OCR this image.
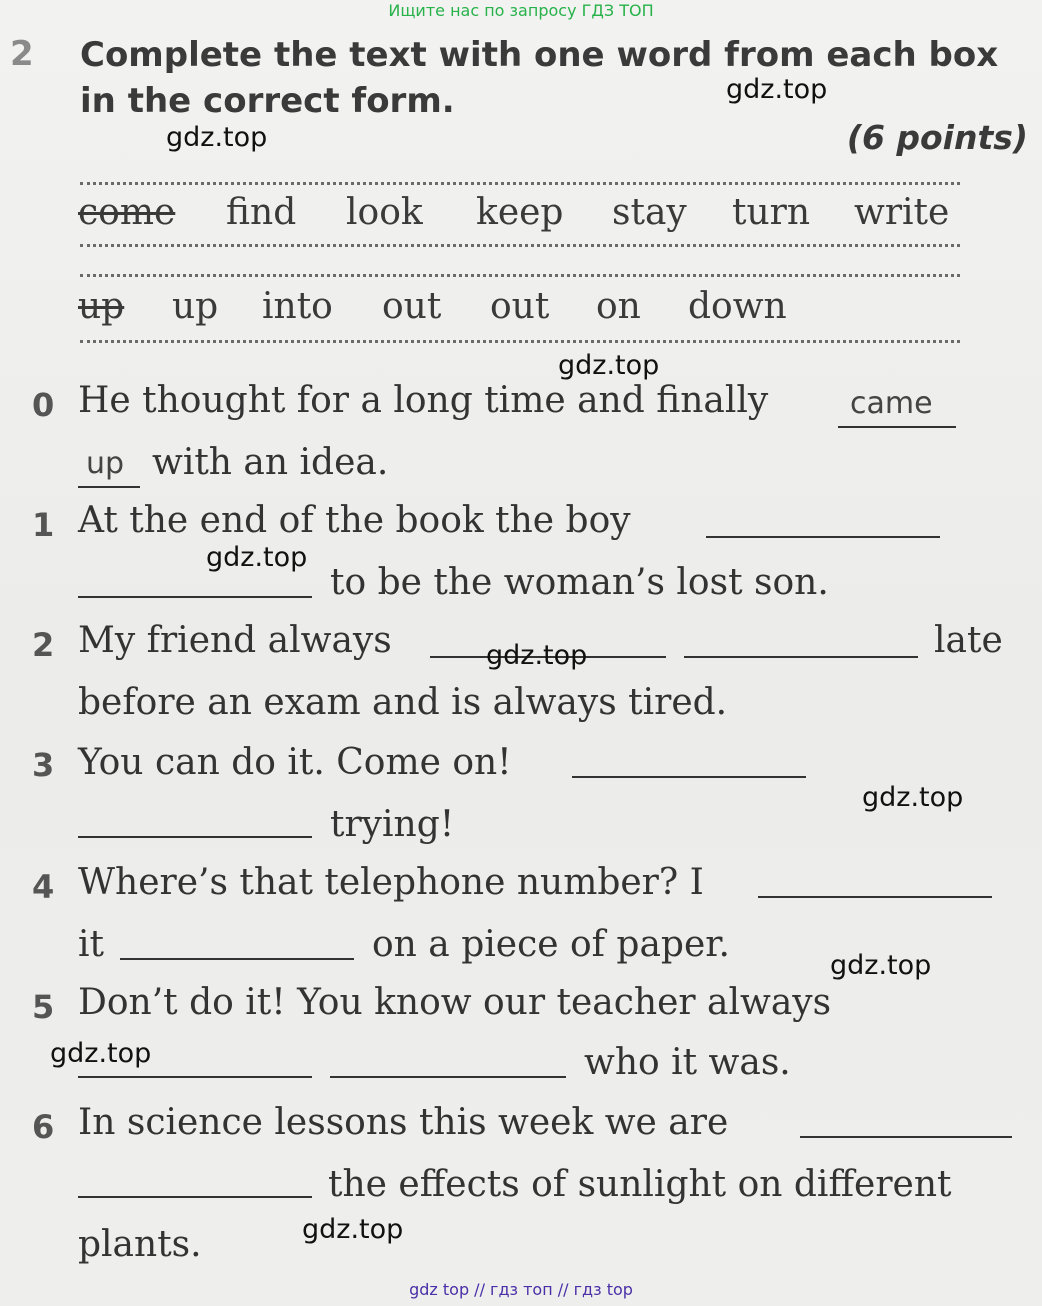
Ищите нас по запросу ГДЗ ТОП
2 Complete the text with one word from each box
in the correct form.
(6 points)
come find look keep stay turn write
up up into out out on down
0 He thought for a long time and finally	came
up with an idea.
1 At the end of the book the boy
to be the woman’s lost son.
2 My friend always	late
before an exam and is always tired.
3 You can do it. Come on!
trying!
4 Where’s that telephone number? I
it	on a piece of paper.
5 Don’t do it! You know our teacher always
who it was.
6 In science lessons this week we are
the effects of sunlight on different
plants.
gdz.top
gdz.top
gdz.top
gdz.top
gdz.top
gdz.top
gdz.top
gdz.top
gdz.top
gdz top // гдз топ // гдз top
